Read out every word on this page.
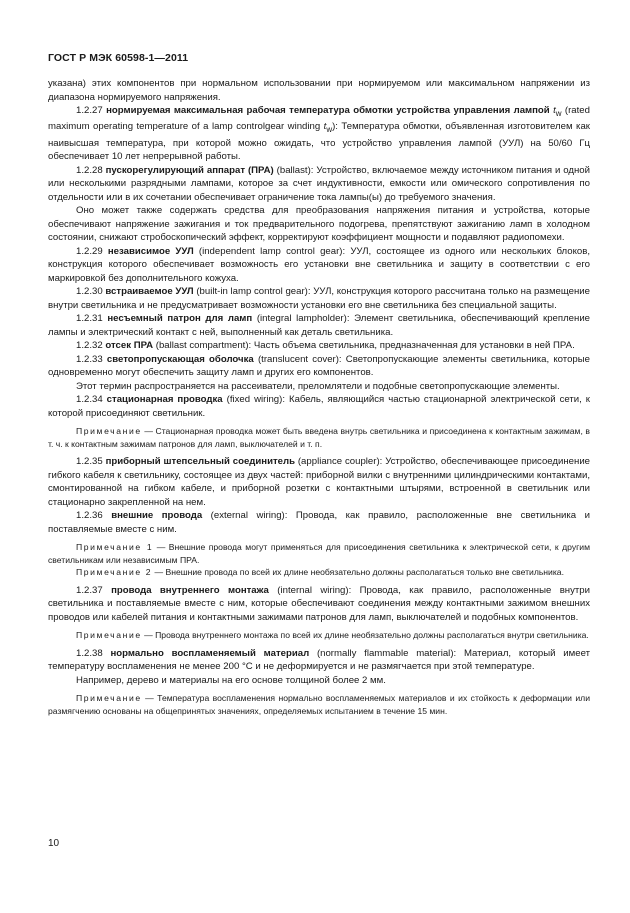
ГОСТ Р МЭК 60598-1—2011

указана) этих компонентов при нормальном использовании при нормируемом или максимальном напряжении из диапазона нормируемого напряжения.

1.2.27 нормируемая максимальная рабочая температура обмотки устройства управления лампой $t_w$ (rated maximum operating temperature of a lamp controlgear winding $t_w$): Температура обмотки, объявленная изготовителем как наивысшая температура, при которой можно ожидать, что устройство управления лампой (УУЛ) на 50/60 Гц обеспечивает 10 лет непрерывной работы.

1.2.28 пускорегулирующий аппарат (ПРА) (ballast): Устройство, включаемое между источником питания и одной или несколькими разрядными лампами, которое за счет индуктивности, емкости или омического сопротивления по отдельности или в их сочетании обеспечивает ограничение тока лампы(ы) до требуемого значения.

Оно может также содержать средства для преобразования напряжения питания и устройства, которые обеспечивают напряжение зажигания и ток предварительного подогрева, препятствуют зажиганию ламп в холодном состоянии, снижают стробоскопический эффект, корректируют коэффициент мощности и подавляют радиопомехи.

1.2.29 независимое УУЛ (independent lamp control gear): УУЛ, состоящее из одного или нескольких блоков, конструкция которого обеспечивает возможность его установки вне светильника и защиту в соответствии с его маркировкой без дополнительного кожуха.

1.2.30 встраиваемое УУЛ (built-in lamp control gear): УУЛ, конструкция которого рассчитана только на размещение внутри светильника и не предусматривает возможности установки его вне светильника без специальной защиты.

1.2.31 несъемный патрон для ламп (integral lampholder): Элемент светильника, обеспечивающий крепление лампы и электрический контакт с ней, выполненный как деталь светильника.

1.2.32 отсек ПРА (ballast compartment): Часть объема светильника, предназначенная для установки в ней ПРА.

1.2.33 светопропускающая оболочка (translucent cover): Светопропускающие элементы светильника, которые одновременно могут обеспечить защиту ламп и других его компонентов.

Этот термин распространяется на рассеиватели, преломлятели и подобные светопропускающие элементы.

1.2.34 стационарная проводка (fixed wiring): Кабель, являющийся частью стационарной электрической сети, к которой присоединяют светильник.

Примечание — Стационарная проводка может быть введена внутрь светильника и присоединена к контактным зажимам, в т. ч. к контактным зажимам патронов для ламп, выключателей и т. п.

1.2.35 приборный штепсельный соединитель (appliance coupler): Устройство, обеспечивающее присоединение гибкого кабеля к светильнику, состоящее из двух частей: приборной вилки с внутренними цилиндрическими контактами, смонтированной на гибком кабеле, и приборной розетки с контактными штырями, встроенной в светильник или стационарно закрепленной на нем.

1.2.36 внешние провода (external wiring): Провода, как правило, расположенные вне светильника и поставляемые вместе с ним.

Примечание 1 — Внешние провода могут применяться для присоединения светильника к электрической сети, к другим светильникам или независимым ПРА.

Примечание 2 — Внешние провода по всей их длине необязательно должны располагаться только вне светильника.

1.2.37 провода внутреннего монтажа (internal wiring): Провода, как правило, расположенные внутри светильника и поставляемые вместе с ним, которые обеспечивают соединения между контактными зажимом внешних проводов или кабелей питания и контактными зажимами патронов для ламп, выключателей и подобных компонентов.

Примечание — Провода внутреннего монтажа по всей их длине необязательно должны располагаться внутри светильника.

1.2.38 нормально воспламеняемый материал (normally flammable material): Материал, который имеет температуру воспламенения не менее 200 °С и не деформируется и не размягчается при этой температуре.

Например, дерево и материалы на его основе толщиной более 2 мм.

Примечание — Температура воспламенения нормально воспламеняемых материалов и их стойкость к деформации или размягчению основаны на общепринятых значениях, определяемых испытанием в течение 15 мин.

10
